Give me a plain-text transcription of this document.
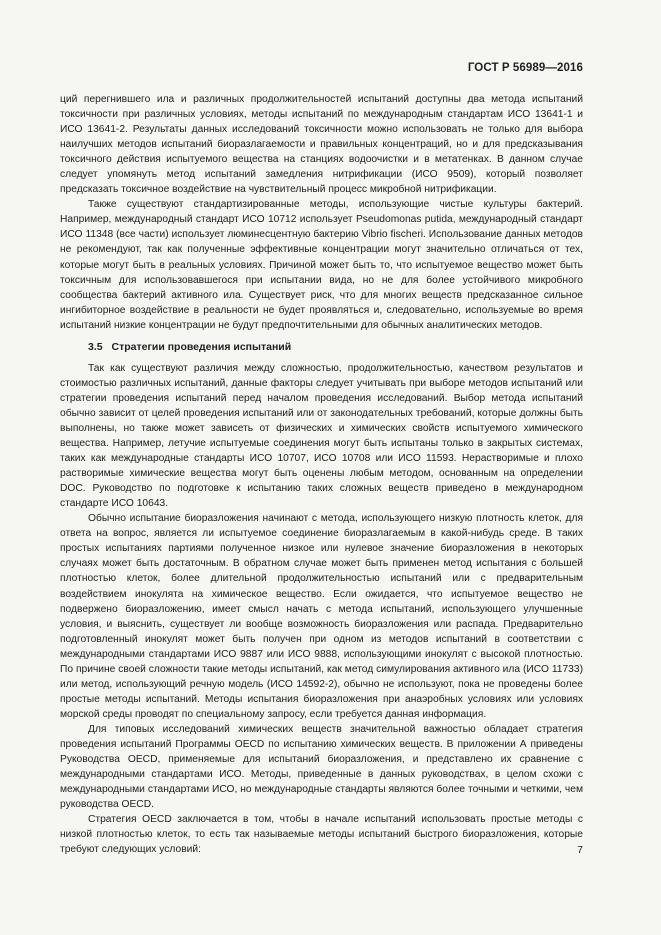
ГОСТ Р 56989—2016

ций перегнившего ила и различных продолжительностей испытаний доступны два метода испытаний токсичности при различных условиях, методы испытаний по международным стандартам ИСО 13641-1 и ИСО 13641-2. Результаты данных исследований токсичности можно использовать не только для выбора наилучших методов испытаний биоразлагаемости и правильных концентраций, но и для предсказывания токсичного действия испытуемого вещества на станциях водоочистки и в метатенках. В данном случае следует упомянуть метод испытаний замедления нитрификации (ИСО 9509), который позволяет предсказать токсичное воздействие на чувствительный процесс микробной нитрификации.

Также существуют стандартизированные методы, использующие чистые культуры бактерий. Например, международный стандарт ИСО 10712 использует Pseudomonas putida, международный стандарт ИСО 11348 (все части) использует люминесцентную бактерию Vibrio fischeri. Использование данных методов не рекомендуют, так как полученные эффективные концентрации могут значительно отличаться от тех, которые могут быть в реальных условиях. Причиной может быть то, что испытуемое вещество может быть токсичным для использовавшегося при испытании вида, но не для более устойчивого микробного сообщества бактерий активного ила. Существует риск, что для многих веществ предсказанное сильное ингибиторное воздействие в реальности не будет проявляться и, следовательно, используемые во время испытаний низкие концентрации не будут предпочтительными для обычных аналитических методов.

3.5 Стратегии проведения испытаний

Так как существуют различия между сложностью, продолжительностью, качеством результатов и стоимостью различных испытаний, данные факторы следует учитывать при выборе методов испытаний или стратегии проведения испытаний перед началом проведения исследований. Выбор метода испытаний обычно зависит от целей проведения испытаний или от законодательных требований, которые должны быть выполнены, но также может зависеть от физических и химических свойств испытуемого химического вещества. Например, летучие испытуемые соединения могут быть испытаны только в закрытых системах, таких как международные стандарты ИСО 10707, ИСО 10708 или ИСО 11593. Нерастворимые и плохо растворимые химические вещества могут быть оценены любым методом, основанным на определении DOC. Руководство по подготовке к испытанию таких сложных веществ приведено в международном стандарте ИСО 10643.

Обычно испытание биоразложения начинают с метода, использующего низкую плотность клеток, для ответа на вопрос, является ли испытуемое соединение биоразлагаемым в какой-нибудь среде. В таких простых испытаниях партиями полученное низкое или нулевое значение биоразложения в некоторых случаях может быть достаточным. В обратном случае может быть применен метод испытания с большей плотностью клеток, более длительной продолжительностью испытаний или с предварительным воздействием инокулята на химическое вещество. Если ожидается, что испытуемое вещество не подвержено биоразложению, имеет смысл начать с метода испытаний, использующего улучшенные условия, и выяснить, существует ли вообще возможность биоразложения или распада. Предварительно подготовленный инокулят может быть получен при одном из методов испытаний в соответствии с международными стандартами ИСО 9887 или ИСО 9888, использующими инокулят с высокой плотностью. По причине своей сложности такие методы испытаний, как метод симулирования активного ила (ИСО 11733) или метод, использующий речную модель (ИСО 14592-2), обычно не используют, пока не проведены более простые методы испытаний. Методы испытания биоразложения при анаэробных условиях или условиях морской среды проводят по специальному запросу, если требуется данная информация.

Для типовых исследований химических веществ значительной важностью обладает стратегия проведения испытаний Программы OECD по испытанию химических веществ. В приложении А приведены Руководства OECD, применяемые для испытаний биоразложения, и представлено их сравнение с международными стандартами ИСО. Методы, приведенные в данных руководствах, в целом схожи с международными стандартами ИСО, но международные стандарты являются более точными и четкими, чем руководства OECD.

Стратегия OECD заключается в том, чтобы в начале испытаний использовать простые методы с низкой плотностью клеток, то есть так называемые методы испытаний быстрого биоразложения, которые требуют следующих условий:	7
